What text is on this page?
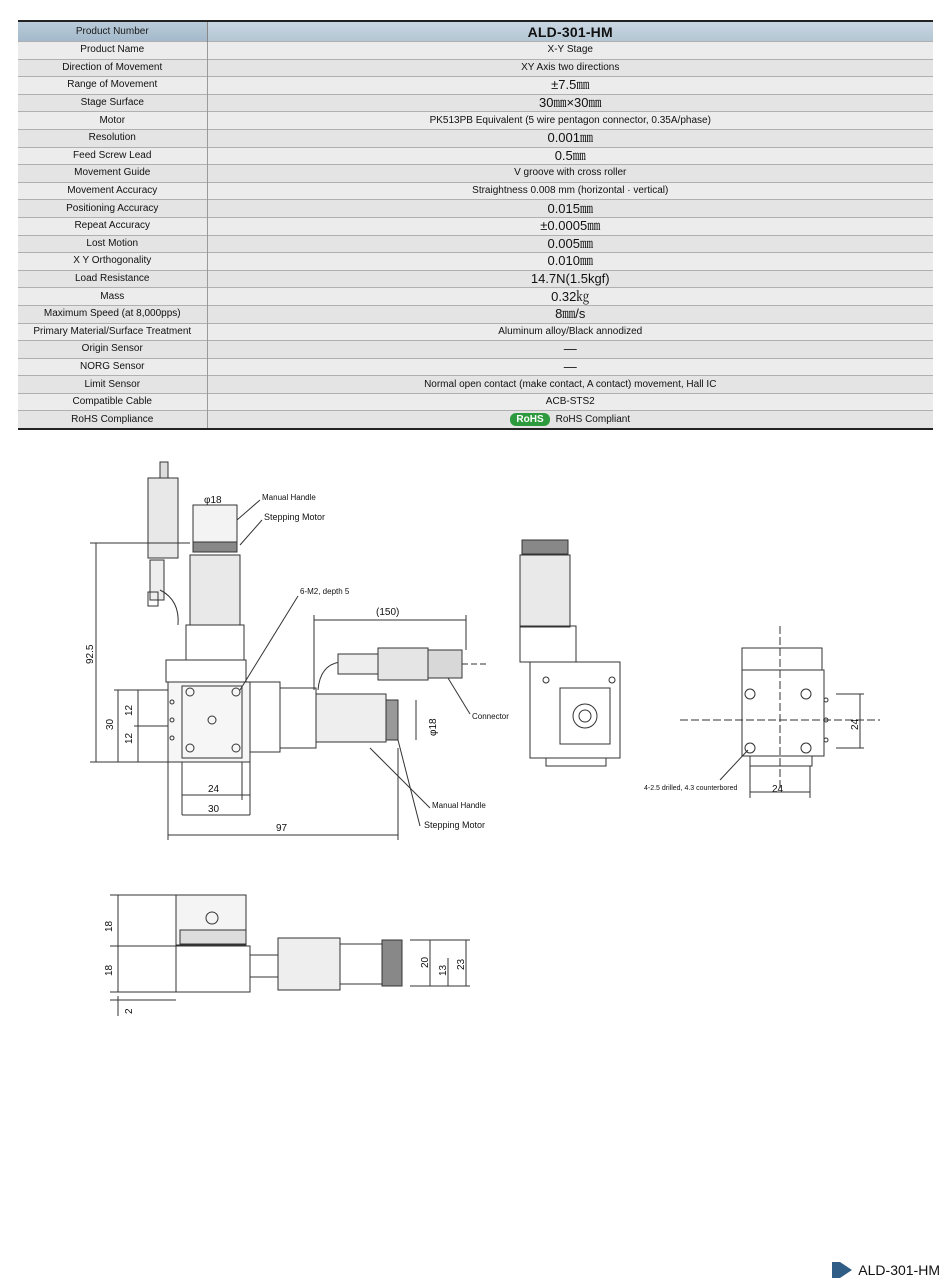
Product Number	ALD-301-HM
Product Name	X-Y Stage
Direction of Movement	XY Axis two directions
Range of Movement	±7.5㎜
Stage Surface	30㎜×30㎜
Motor	PK513PB Equivalent (5 wire pentagon connector, 0.35A/phase)
Resolution	0.001㎜
Feed Screw Lead	0.5㎜
Movement Guide	V groove with cross roller
Movement Accuracy	Straightness 0.008 mm (horizontal · vertical)
Positioning Accuracy	0.015㎜
Repeat Accuracy	±0.0005㎜
Lost Motion	0.005㎜
X Y Orthogonality	0.010㎜
Load Resistance	14.7N(1.5kgf)
Mass	0.32㎏
Maximum Speed (at 8,000pps)	8㎜/s
Primary Material/Surface Treatment	Aluminum alloy/Black annodized
Origin Sensor	—
NORG Sensor	—
Limit Sensor	Normal open contact (make contact, A contact) movement, Hall IC
Compatible Cable	ACB-STS2
RoHS Compliance	RoHS RoHS Compliant
Manual Handle
Stepping Motor
φ18
6-M2, depth 5
(150)
Connector
φ18
92.5
30
12
12
24
30
97
Manual Handle
Stepping Motor
4-2.5 drilled, 4.3 counterbored	24
24
18
18
2
20
13
23
ALD-301-HM
